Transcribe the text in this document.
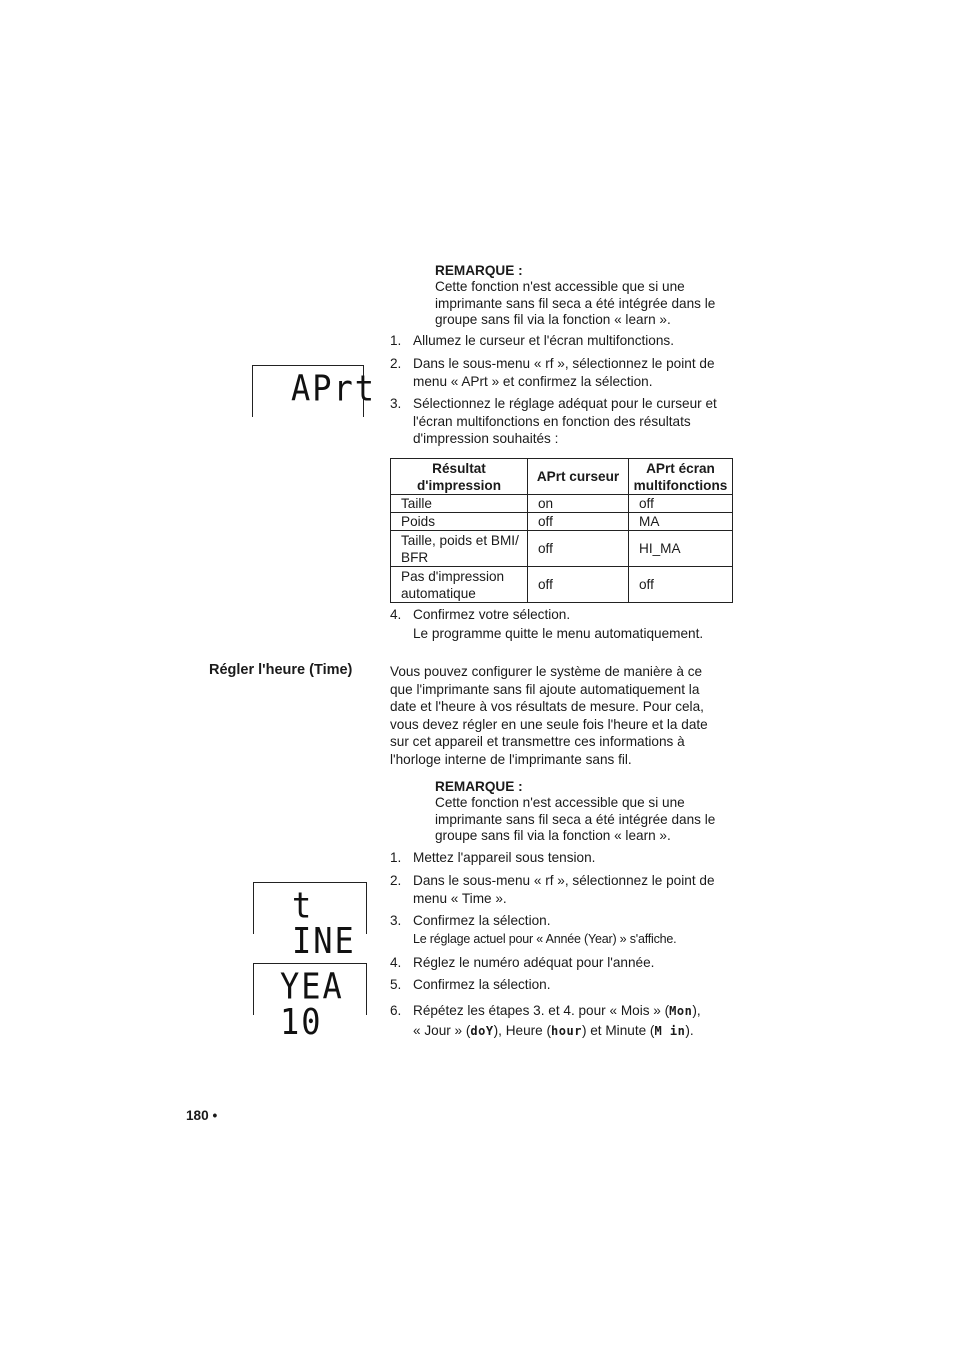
REMARQUE :
Cette fonction n'est accessible que si une imprimante sans fil seca a été intégrée dans le groupe sans fil via la fonction « learn ».
APrt
1. Allumez le curseur et l'écran multifonctions.
2. Dans le sous-menu « rf », sélectionnez le point de menu « APrt » et confirmez la sélection.
3. Sélectionnez le réglage adéquat pour le curseur et l'écran multifonctions en fonction des résultats d'impression souhaités :
Résultat d'impression	APrt curseur	APrt écran multifonctions
Taille	on	off
Poids	off	MA
Taille, poids et BMI/ BFR	off	HI_MA
Pas d'impression automatique	off	off
4. Confirmez votre sélection.
Le programme quitte le menu automatiquement.
Régler l'heure (Time)	Vous pouvez configurer le système de manière à ce que l'imprimante sans fil ajoute automatiquement la date et l'heure à vos résultats de mesure. Pour cela, vous devez régler en une seule fois l'heure et la date sur cet appareil et transmettre ces informations à l'horloge interne de l'imprimante sans fil.
REMARQUE :
Cette fonction n'est accessible que si une imprimante sans fil seca a été intégrée dans le groupe sans fil via la fonction « learn ».
1. Mettez l'appareil sous tension.
2. Dans le sous-menu « rf », sélectionnez le point de menu « Time ».
t INE	3. Confirmez la sélection.
Le réglage actuel pour « Année (Year) » s'affiche.
YEA 10
4. Réglez le numéro adéquat pour l'année.
5. Confirmez la sélection.
6. Répétez les étapes 3. et 4. pour « Mois » (Mon),
« Jour » (doY), Heure (hour) et Minute (M in).
180 •
